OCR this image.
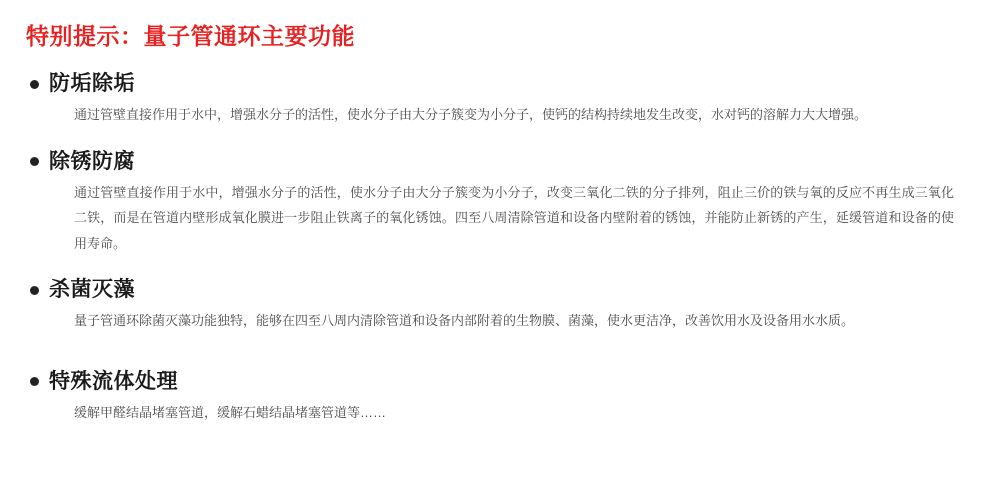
特别提示：量子管通环主要功能
防垢除垢

通过管壁直接作用于水中，增强水分子的活性，使水分子由大分子簇变为小分子，使钙的结构持续地发生改变，水对钙的溶解力大大增强。

除锈防腐

通过管壁直接作用于水中，增强水分子的活性，使水分子由大分子簇变为小分子，改变三氧化二铁的分子排列，阻止三价的铁与氧的反应不再生成三氧化二铁，而是在管道内壁形成氧化膜进一步阻止铁离子的氧化锈蚀。四至八周清除管道和设备内壁附着的锈蚀，并能防止新锈的产生，延缓管道和设备的使用寿命。

杀菌灭藻

量子管通环除菌灭藻功能独特，能够在四至八周内清除管道和设备内部附着的生物膜、菌藻，使水更洁净，改善饮用水及设备用水水质。

特殊流体处理

缓解甲醛结晶堵塞管道，缓解石蜡结晶堵塞管道等……
